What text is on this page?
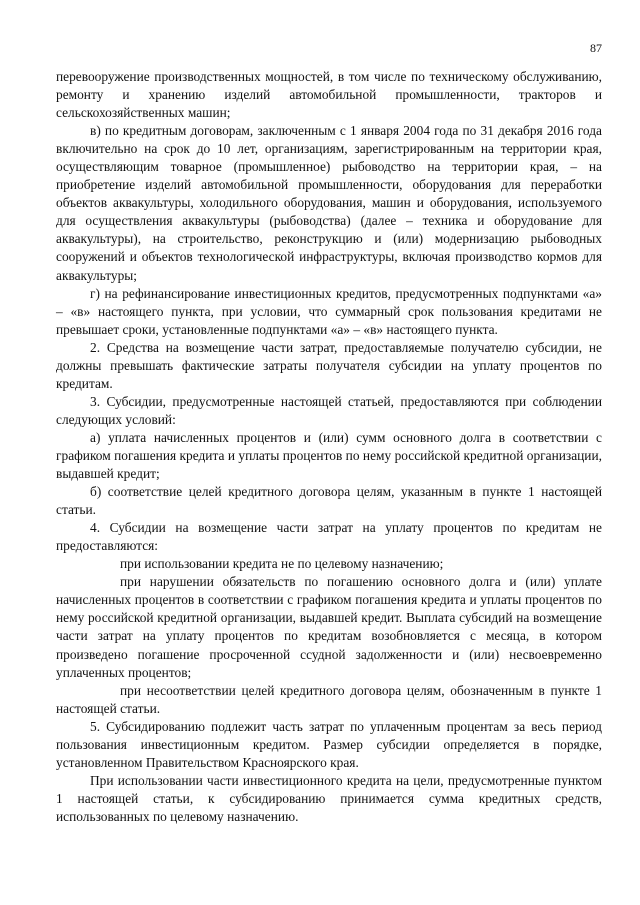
87

перевооружение производственных мощностей, в том числе по техническому обслуживанию, ремонту и хранению изделий автомобильной промышленности, тракторов и сельскохозяйственных машин;

в) по кредитным договорам, заключенным с 1 января 2004 года по 31 декабря 2016 года включительно на срок до 10 лет, организациям, зарегистрированным на территории края, осуществляющим товарное (промышленное) рыбоводство на территории края, – на приобретение изделий автомобильной промышленности, оборудования для переработки объектов аквакультуры, холодильного оборудования, машин и оборудования, используемого для осуществления аквакультуры (рыбоводства) (далее – техника и оборудование для аквакультуры), на строительство, реконструкцию и (или) модернизацию рыбоводных сооружений и объектов технологической инфраструктуры, включая производство кормов для аквакультуры;

г) на рефинансирование инвестиционных кредитов, предусмотренных подпунктами «а» – «в» настоящего пункта, при условии, что суммарный срок пользования кредитами не превышает сроки, установленные подпунктами «а» – «в» настоящего пункта.

2. Средства на возмещение части затрат, предоставляемые получателю субсидии, не должны превышать фактические затраты получателя субсидии на уплату процентов по кредитам.

3. Субсидии, предусмотренные настоящей статьей, предоставляются при соблюдении следующих условий:

а) уплата начисленных процентов и (или) сумм основного долга в соответствии с графиком погашения кредита и уплаты процентов по нему российской кредитной организации, выдавшей кредит;

б) соответствие целей кредитного договора целям, указанным в пункте 1 настоящей статьи.

4. Субсидии на возмещение части затрат на уплату процентов по кредитам не предоставляются:

при использовании кредита не по целевому назначению;

при нарушении обязательств по погашению основного долга и (или) уплате начисленных процентов в соответствии с графиком погашения кредита и уплаты процентов по нему российской кредитной организации, выдавшей кредит. Выплата субсидий на возмещение части затрат на уплату процентов по кредитам возобновляется с месяца, в котором произведено погашение просроченной ссудной задолженности и (или) несвоевременно уплаченных процентов;

при несоответствии целей кредитного договора целям, обозначенным в пункте 1 настоящей статьи.

5. Субсидированию подлежит часть затрат по уплаченным процентам за весь период пользования инвестиционным кредитом. Размер субсидии определяется в порядке, установленном Правительством Красноярского края.

При использовании части инвестиционного кредита на цели, предусмотренные пунктом 1 настоящей статьи, к субсидированию принимается сумма кредитных средств, использованных по целевому назначению.
